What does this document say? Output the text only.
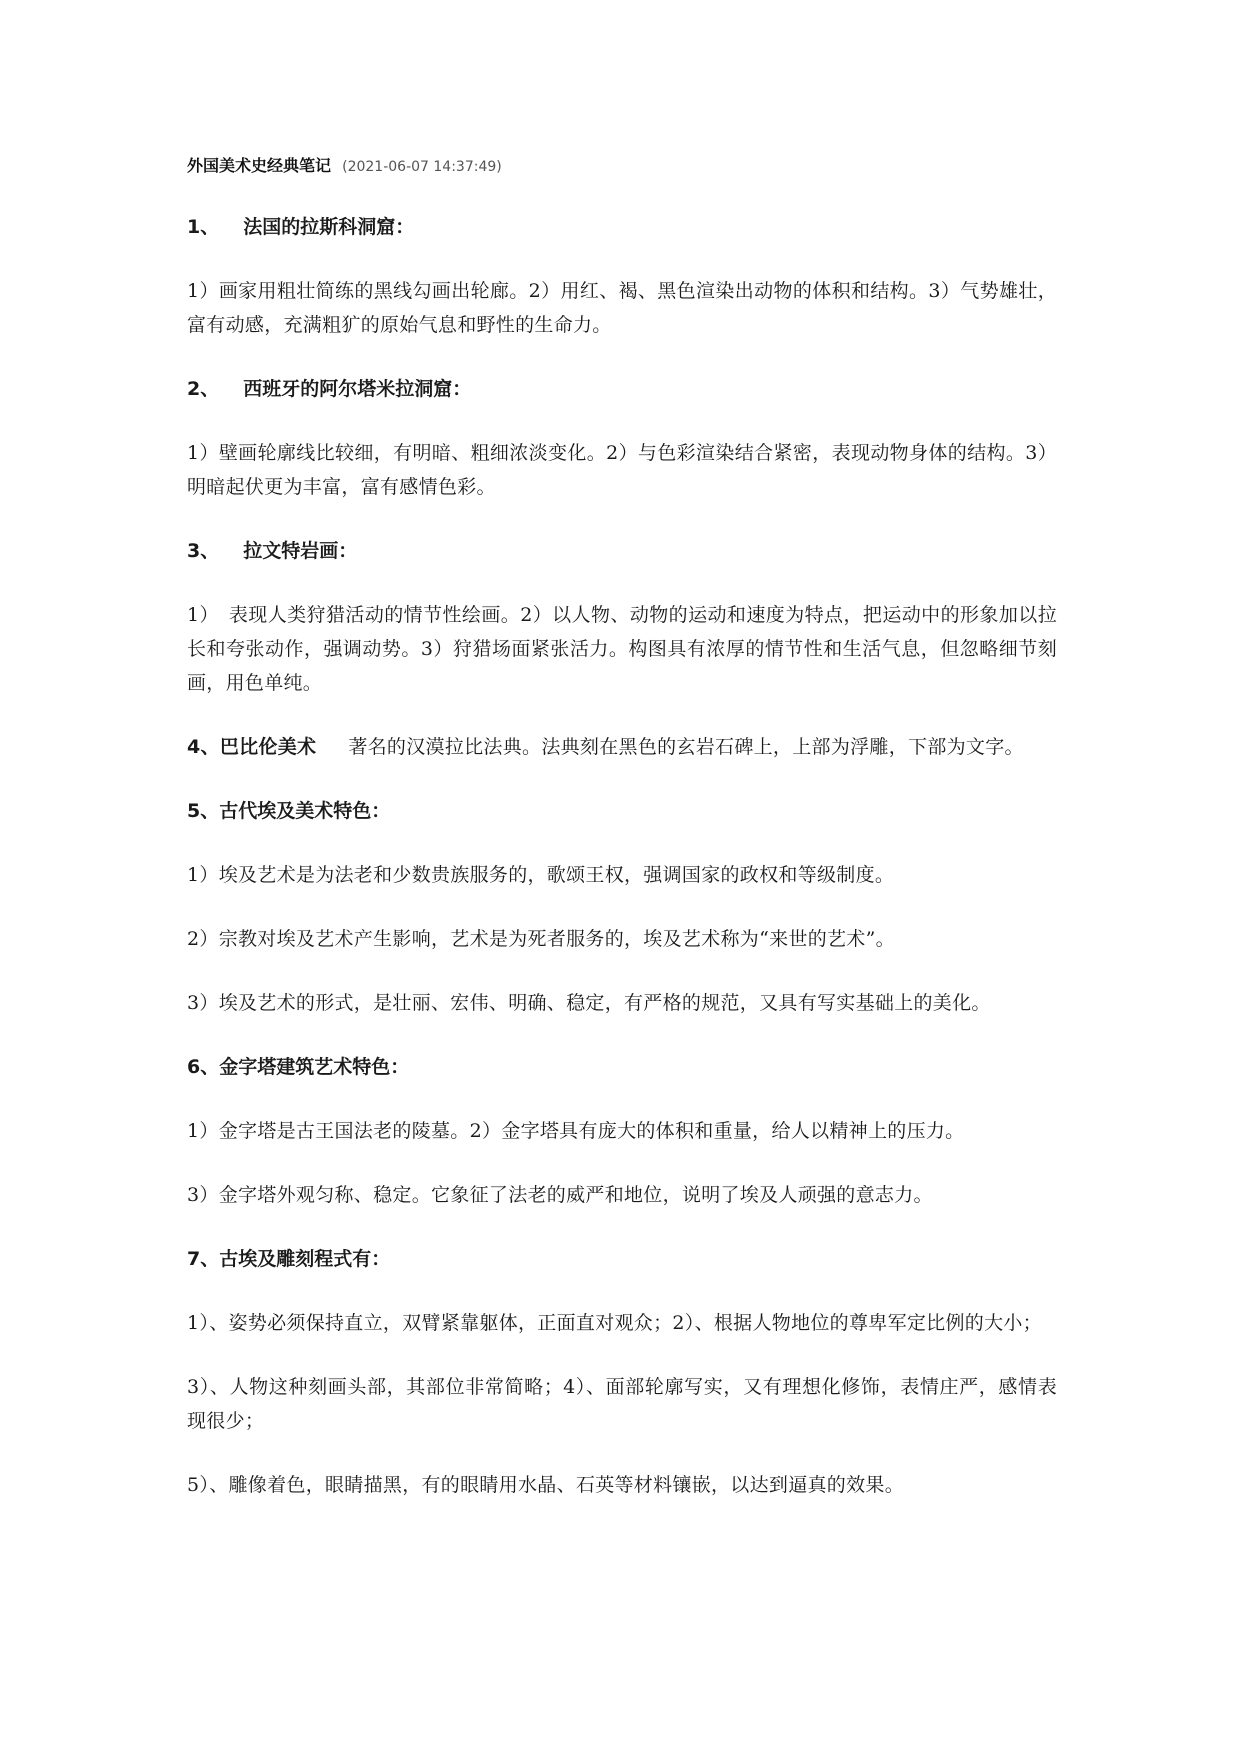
外国美术史经典笔记 (2021-06-07 14:37:49)
1、 法国的拉斯科洞窟：

1）画家用粗壮简练的黑线勾画出轮廊。2）用红、褐、黑色渲染出动物的体积和结构。3）气势雄壮，富有动感，充满粗犷的原始气息和野性的生命力。

2、 西班牙的阿尔塔米拉洞窟：

1）壁画轮廓线比较细，有明暗、粗细浓淡变化。2）与色彩渲染结合紧密，表现动物身体的结构。3）明暗起伏更为丰富，富有感情色彩。

3、 拉文特岩画：

1）　表现人类狩猎活动的情节性绘画。2）以人物、动物的运动和速度为特点，把运动中的形象加以拉长和夸张动作，强调动势。3）狩猎场面紧张活力。构图具有浓厚的情节性和生活气息，但忽略细节刻画，用色单纯。

4、巴比伦美术 著名的汉漠拉比法典。法典刻在黑色的玄岩石碑上，上部为浮雕，下部为文字。

5、古代埃及美术特色：

1）埃及艺术是为法老和少数贵族服务的，歌颂王权，强调国家的政权和等级制度。

2）宗教对埃及艺术产生影响，艺术是为死者服务的，埃及艺术称为“来世的艺术”。

3）埃及艺术的形式，是壮丽、宏伟、明确、稳定，有严格的规范，又具有写实基础上的美化。

6、金字塔建筑艺术特色：

1）金字塔是古王国法老的陵墓。2）金字塔具有庞大的体积和重量，给人以精神上的压力。

3）金字塔外观匀称、稳定。它象征了法老的威严和地位，说明了埃及人顽强的意志力。

7、古埃及雕刻程式有：

1）、姿势必须保持直立，双臂紧靠躯体，正面直对观众；2）、根据人物地位的尊卑军定比例的大小；

3）、人物这种刻画头部，其部位非常简略；4）、面部轮廓写实，又有理想化修饰，表情庄严，感情表现很少；

5）、雕像着色，眼睛描黑，有的眼睛用水晶、石英等材料镶嵌，以达到逼真的效果。
